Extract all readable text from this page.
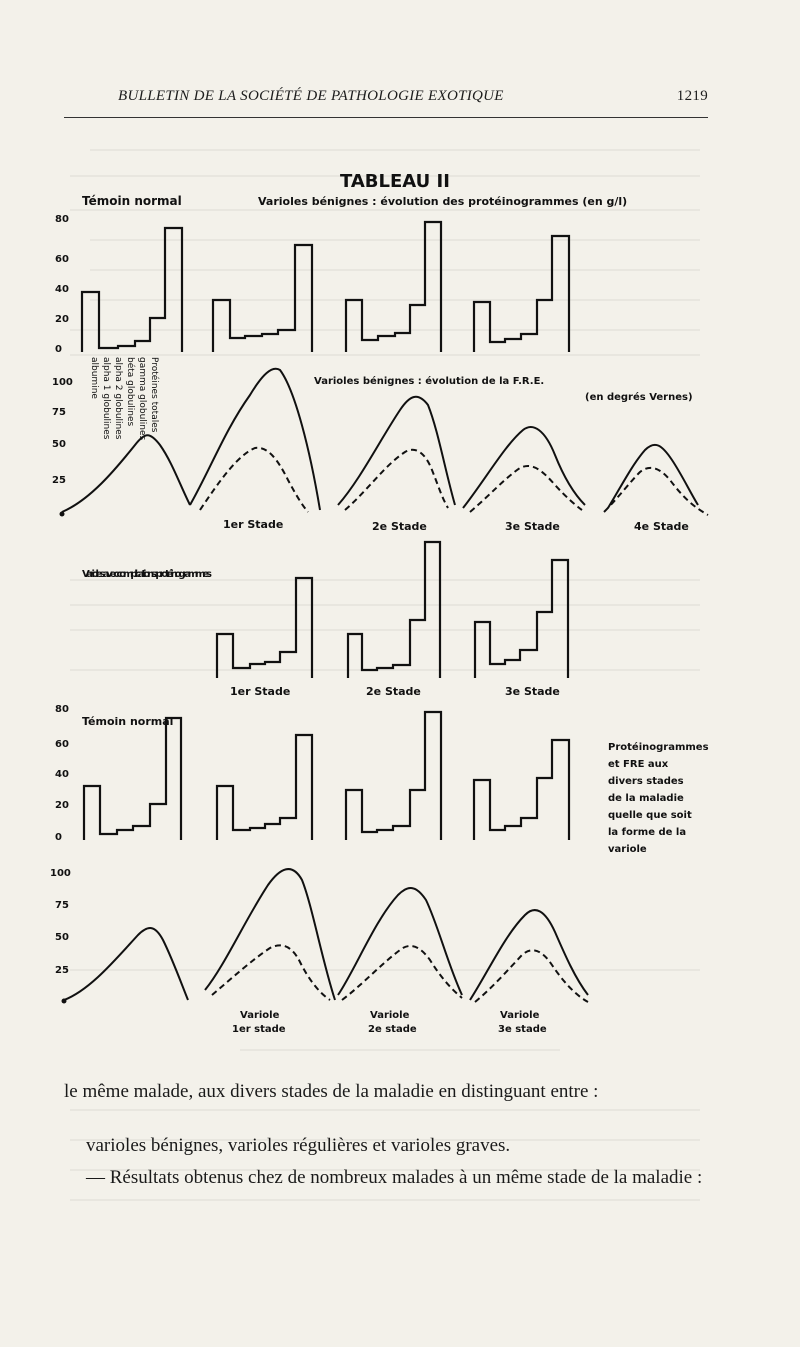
BULLETIN DE LA SOCIÉTÉ DE PATHOLOGIE EXOTIQUE	1219
TABLEAU II
Témoin normal	Varioles bénignes : évolution des protéinogrammes (en g/l)
80
60
40
20
0
albumine alpha 1 globulines alpha 2 globulines béta globulines gamma globulines Protéines totales
100
75
50
25
Varioles bénignes : évolution de la F.R.E.
(en degrés Vernes)
1er Stade	2e Stade	3e Stade	4e Stade
Varioles avec complications : protéinogrammes
1er Stade	2e Stade	3e Stade
80
60
40
20
0
Témoin normal
Protéinogrammes et FRE aux divers stades de la maladie quelle que soit la forme de la variole
100
75
50
25
Variole 1er stade
Variole 2e stade
Variole 3e stade
le même malade, aux divers stades de la maladie en distinguant entre :
varioles bénignes, varioles régulières et varioles graves.
— Résultats obtenus chez de nombreux malades à un même stade de la maladie :
